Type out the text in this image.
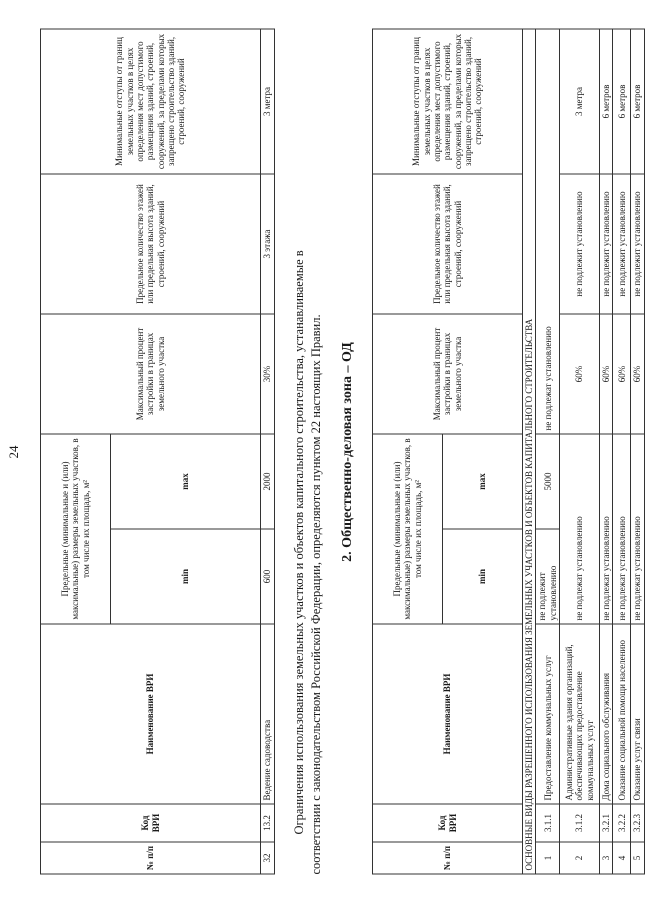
24
№ п/п	Код ВРИ	Наименование ВРИ	Предельные (минимальные и (или) максимальные) размеры земельных участков, в том числе их площадь, м²		Максимальный процент застройки в границах земельного участка	Предельное количество этажей или предельная высота зданий, строений, сооружений	Минимальные отступы от границ земельных участков в целях определения мест допустимого размещения зданий, строений, сооружений, за пределами которых запрещено строительство зданий, строений, сооружений
			min	max			
32	13.2	Ведение садоводства	600	2000	30%	3 этажа	3 метра
Ограничения использования земельных участков и объектов капитального строительства, устанавливаемые в соответствии с законодательством Российской Федерации, определяются пунктом 22 настоящих Правил. 2. Общественно-деловая зона – ОД
№ п/п	Код ВРИ	Наименование ВРИ	Предельные (минимальные и (или) максимальные) размеры земельных участков, в том числе их площадь, м²		Максимальный процент застройки в границах земельного участка	Предельное количество этажей или предельная высота зданий, строений, сооружений	Минимальные отступы от границ земельных участков в целях определения мест допустимого размещения зданий, строений, сооружений, за пределами которых запрещено строительство зданий, строений, сооружений
			min	max			
ОСНОВНЫЕ ВИДЫ РАЗРЕШЕННОГО ИСПОЛЬЗОВАНИЯ ЗЕМЕЛЬНЫХ УЧАСТКОВ И ОБЪЕКТОВ КАПИТАЛЬНОГО СТРОИТЕЛЬСТВА							
1	3.1.1	Предоставление коммунальных услуг	не подлежит установлению	5000	не подлежат установлению		
2	3.1.2	Административные здания организаций, обеспечивающих предоставление коммунальных услуг	не подлежат установлению		60%	не подлежит установлению	3 метра
3	3.2.1	Дома социального обслуживания	не подлежат установлению		60%	не подлежит установлению	6 метров
4	3.2.2	Оказание социальной помощи населению	не подлежат установлению		60%	не подлежит установлению	6 метров
5	3.2.3	Оказание услуг связи	не подлежат установлению		60%	не подлежит установлению	6 метров
